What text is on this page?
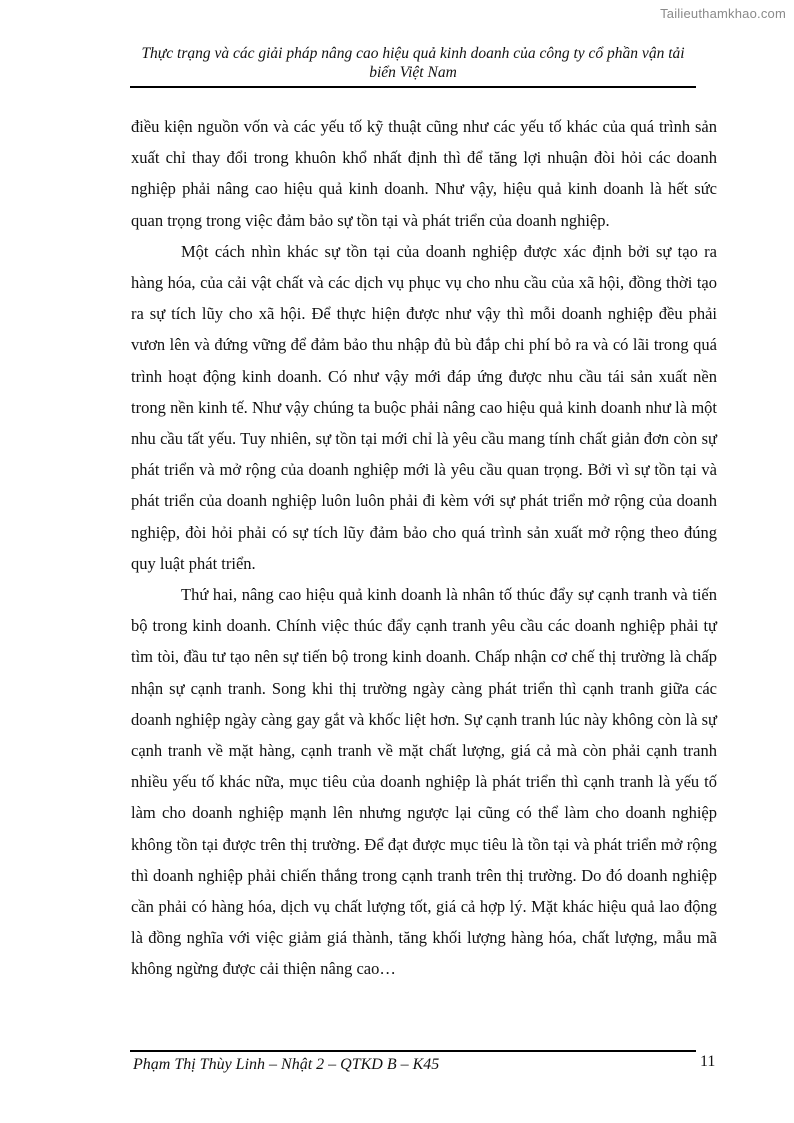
Tailieuthamkhao.com
Thực trạng và các giải pháp nâng cao hiệu quả kinh doanh của công ty cổ phần vận tải biển Việt Nam

điều kiện nguồn vốn và các yếu tố kỹ thuật cũng như các yếu tố khác của quá trình sản xuất chỉ thay đổi trong khuôn khổ nhất định thì để tăng lợi nhuận đòi hỏi các doanh nghiệp phải nâng cao hiệu quả kinh doanh. Như vậy, hiệu quả kinh doanh là hết sức quan trọng trong việc đảm bảo sự tồn tại và phát triển của doanh nghiệp.

Một cách nhìn khác sự tồn tại của doanh nghiệp được xác định bởi sự tạo ra hàng hóa, của cải vật chất và các dịch vụ phục vụ cho nhu cầu của xã hội, đồng thời tạo ra sự tích lũy cho xã hội. Để thực hiện được như vậy thì mỗi doanh nghiệp đều phải vươn lên và đứng vững để đảm bảo thu nhập đủ bù đắp chi phí bỏ ra và có lãi trong quá trình hoạt động kinh doanh. Có như vậy mới đáp ứng được nhu cầu tái sản xuất nền trong nền kinh tế. Như vậy chúng ta buộc phải nâng cao hiệu quả kinh doanh như là một nhu cầu tất yếu. Tuy nhiên, sự tồn tại mới chỉ là yêu cầu mang tính chất giản đơn còn sự phát triển và mở rộng của doanh nghiệp mới là yêu cầu quan trọng. Bởi vì sự tồn tại và phát triển của doanh nghiệp luôn luôn phải đi kèm với sự phát triển mở rộng của doanh nghiệp, đòi hỏi phải có sự tích lũy đảm bảo cho quá trình sản xuất mở rộng theo đúng quy luật phát triển.

Thứ hai, nâng cao hiệu quả kinh doanh là nhân tố thúc đẩy sự cạnh tranh và tiến bộ trong kinh doanh. Chính việc thúc đẩy cạnh tranh yêu cầu các doanh nghiệp phải tự tìm tòi, đầu tư tạo nên sự tiến bộ trong kinh doanh. Chấp nhận cơ chế thị trường là chấp nhận sự cạnh tranh. Song khi thị trường ngày càng phát triển thì cạnh tranh giữa các doanh nghiệp ngày càng gay gắt và khốc liệt hơn. Sự cạnh tranh lúc này không còn là sự cạnh tranh về mặt hàng, cạnh tranh về mặt chất lượng, giá cả mà còn phải cạnh tranh nhiều yếu tố khác nữa, mục tiêu của doanh nghiệp là phát triển thì cạnh tranh là yếu tố làm cho doanh nghiệp mạnh lên nhưng ngược lại cũng có thể làm cho doanh nghiệp không tồn tại được trên thị trường. Để đạt được mục tiêu là tồn tại và phát triển mở rộng thì doanh nghiệp phải chiến thắng trong cạnh tranh trên thị trường. Do đó doanh nghiệp cần phải có hàng hóa, dịch vụ chất lượng tốt, giá cả hợp lý. Mặt khác hiệu quả lao động là đồng nghĩa với việc giảm giá thành, tăng khối lượng hàng hóa, chất lượng, mẫu mã không ngừng được cải thiện nâng cao…

Phạm Thị Thùy Linh – Nhật 2 – QTKD B – K45	11
